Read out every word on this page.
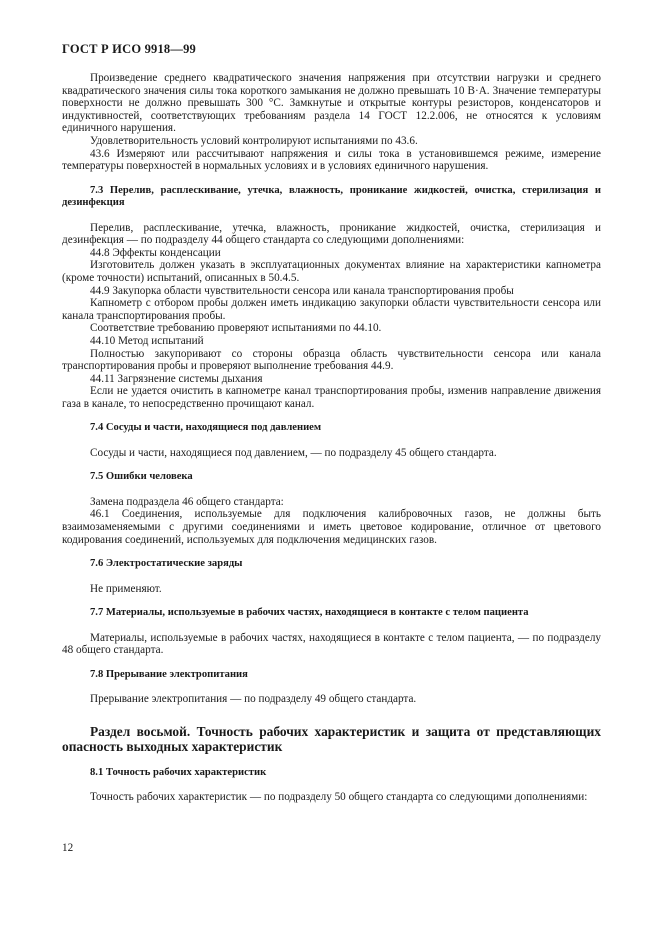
ГОСТ Р ИСО 9918—99

Произведение среднего квадратического значения напряжения при отсутствии нагрузки и среднего квадратического значения силы тока короткого замыкания не должно превышать 10 В·А. Значение температуры поверхности не должно превышать 300 °С. Замкнутые и открытые контуры резисторов, конденсаторов и индуктивностей, соответствующих требованиям раздела 14 ГОСТ 12.2.006, не относятся к условиям единичного нарушения.

Удовлетворительность условий контролируют испытаниями по 43.6.

43.6 Измеряют или рассчитывают напряжения и силы тока в установившемся режиме, измерение температуры поверхностей в нормальных условиях и в условиях единичного нарушения.

7.3 Перелив, расплескивание, утечка, влажность, проникание жидкостей, очистка, стерилизация и дезинфекция

Перелив, расплескивание, утечка, влажность, проникание жидкостей, очистка, стерилизация и дезинфекция — по подразделу 44 общего стандарта со следующими дополнениями:

44.8 Эффекты конденсации

Изготовитель должен указать в эксплуатационных документах влияние на характеристики капнометра (кроме точности) испытаний, описанных в 50.4.5.

44.9 Закупорка области чувствительности сенсора или канала транспортирования пробы

Капнометр с отбором пробы должен иметь индикацию закупорки области чувствительности сенсора или канала транспортирования пробы.

Соответствие требованию проверяют испытаниями по 44.10.

44.10 Метод испытаний

Полностью закупоривают со стороны образца область чувствительности сенсора или канала транспортирования пробы и проверяют выполнение требования 44.9.

44.11 Загрязнение системы дыхания

Если не удается очистить в капнометре канал транспортирования пробы, изменив направление движения газа в канале, то непосредственно прочищают канал.

7.4 Сосуды и части, находящиеся под давлением

Сосуды и части, находящиеся под давлением, — по подразделу 45 общего стандарта.

7.5 Ошибки человека

Замена подраздела 46 общего стандарта:

46.1 Соединения, используемые для подключения калибровочных газов, не должны быть взаимозаменяемыми с другими соединениями и иметь цветовое кодирование, отличное от цветового кодирования соединений, используемых для подключения медицинских газов.

7.6 Электростатические заряды

Не применяют.

7.7 Материалы, используемые в рабочих частях, находящиеся в контакте с телом пациента

Материалы, используемые в рабочих частях, находящиеся в контакте с телом пациента, — по подразделу 48 общего стандарта.

7.8 Прерывание электропитания

Прерывание электропитания — по подразделу 49 общего стандарта.

Раздел восьмой. Точность рабочих характеристик и защита от представляющих опасность выходных характеристик

8.1 Точность рабочих характеристик

Точность рабочих характеристик — по подразделу 50 общего стандарта со следующими дополнениями:

12
